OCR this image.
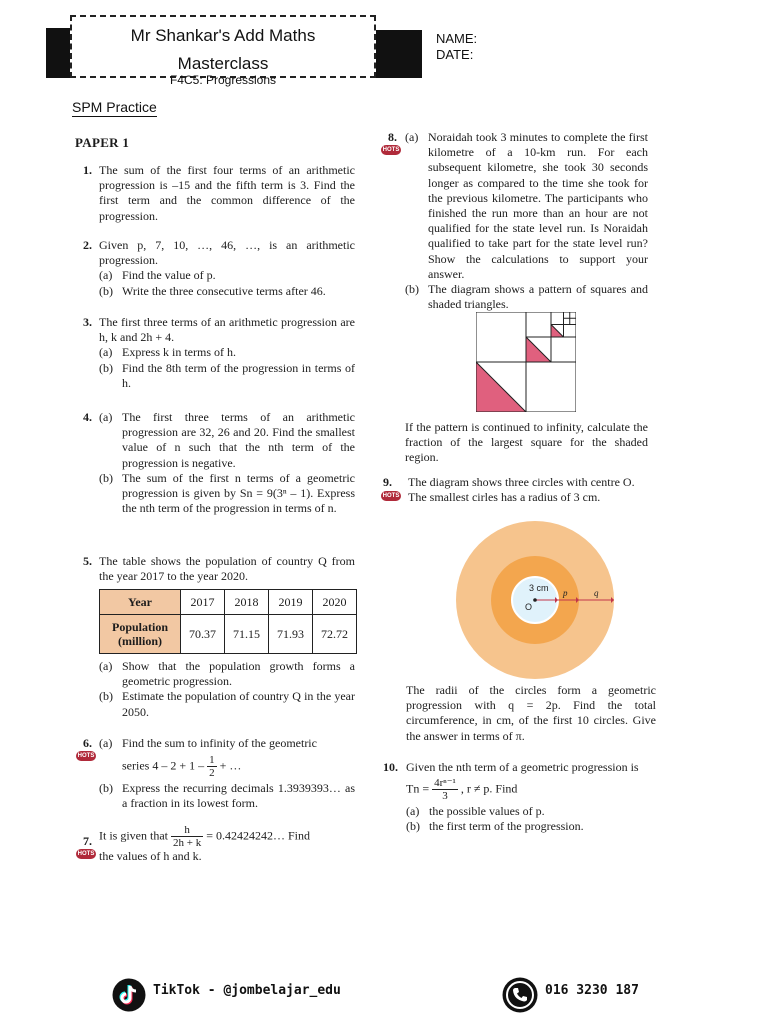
Mr Shankar's Add Maths
Masterclass
F4C5: Progressions
NAME:
DATE:
SPM Practice
PAPER 1
1. The sum of the first four terms of an arithmetic progression is –15 and the fifth term is 3. Find the first term and the common difference of the progression.
2. Given p, 7, 10, …, 46, …, is an arithmetic progression.
(a) Find the value of p.
(b) Write the three consecutive terms after 46.
3. The first three terms of an arithmetic progression are h, k and 2h + 4.
(a) Express k in terms of h.
(b) Find the 8th term of the progression in terms of h.
4. (a) The first three terms of an arithmetic progression are 32, 26 and 20. Find the smallest value of n such that the nth term of the progression is negative.
(b) The sum of the first n terms of a geometric progression is given by Sn = 9(3ⁿ – 1). Express the nth term of the progression in terms of n.
5. The table shows the population of country Q from the year 2017 to the year 2020.
Year	2017	2018	2019	2020

Population
(million)	70.37	71.15	71.93	72.72
(a) Show that the population growth forms a geometric progression.
(b) Estimate the population of country Q in the year 2050.
6.
HOTS
(a) Find the sum to infinity of the geometric
series $4 - 2 + 1 - \frac{1}{2}$ + …
(b) Express the recurring decimals 1.3939393… as a fraction in its lowest form.
7.
HOTS
It is given that $\frac{h}{2h + k}$ = 0.42424242… Find
the values of h and k.
8.
HOTS
(a) Noraidah took 3 minutes to complete the first kilometre of a 10-km run. For each subsequent kilometre, she took 30 seconds longer as compared to the time she took for the previous kilometre. The participants who finished the run more than an hour are not qualified for the state level run. Is Noraidah qualified to take part for the state level run? Show the calculations to support your answer.
(b) The diagram shows a pattern of squares and shaded triangles.
If the pattern is continued to infinity, calculate the fraction of the largest square for the shaded region.
9.
HOTS
The diagram shows three circles with centre O.
The smallest cirles has a radius of 3 cm.
3 cm
O
p	q
The radii of the circles form a geometric progression with q = 2p. Find the total circumference, in cm, of the first 10 circles. Give the answer in terms of π.
10. Given the nth term of a geometric progression is
$Tn = \frac{\text{4rⁿ⁻¹}}{3}$ , r ≠ p. Find
(a) the possible values of p.
(b) the first term of the progression.
TikTok - @jombelajar_edu	016 3230 187
